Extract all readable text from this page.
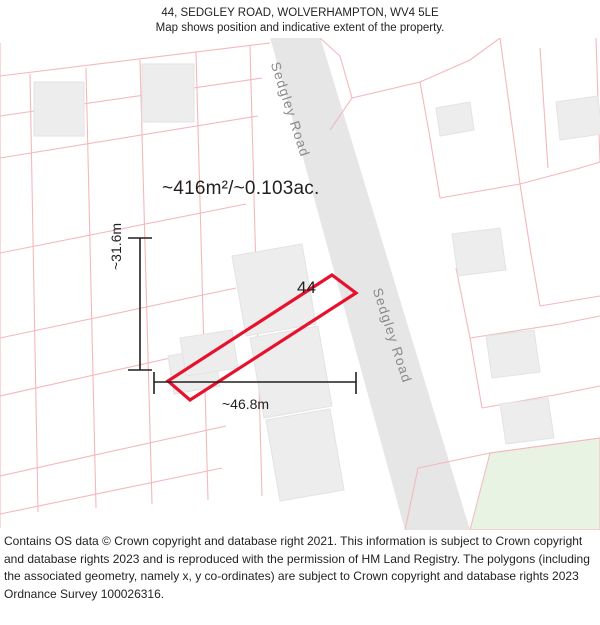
44, SEDGLEY ROAD, WOLVERHAMPTON, WV4 5LE
Map shows position and indicative extent of the property.
~416m²/~0.103ac.
44
~31.6m
~46.8m
Sedgley Road
Sedgley Road
Contains OS data © Crown copyright and database right 2021. This information is subject to Crown copyright and database rights 2023 and is reproduced with the permission of HM Land Registry. The polygons (including the associated geometry, namely x, y co-ordinates) are subject to Crown copyright and database rights 2023 Ordnance Survey 100026316.
